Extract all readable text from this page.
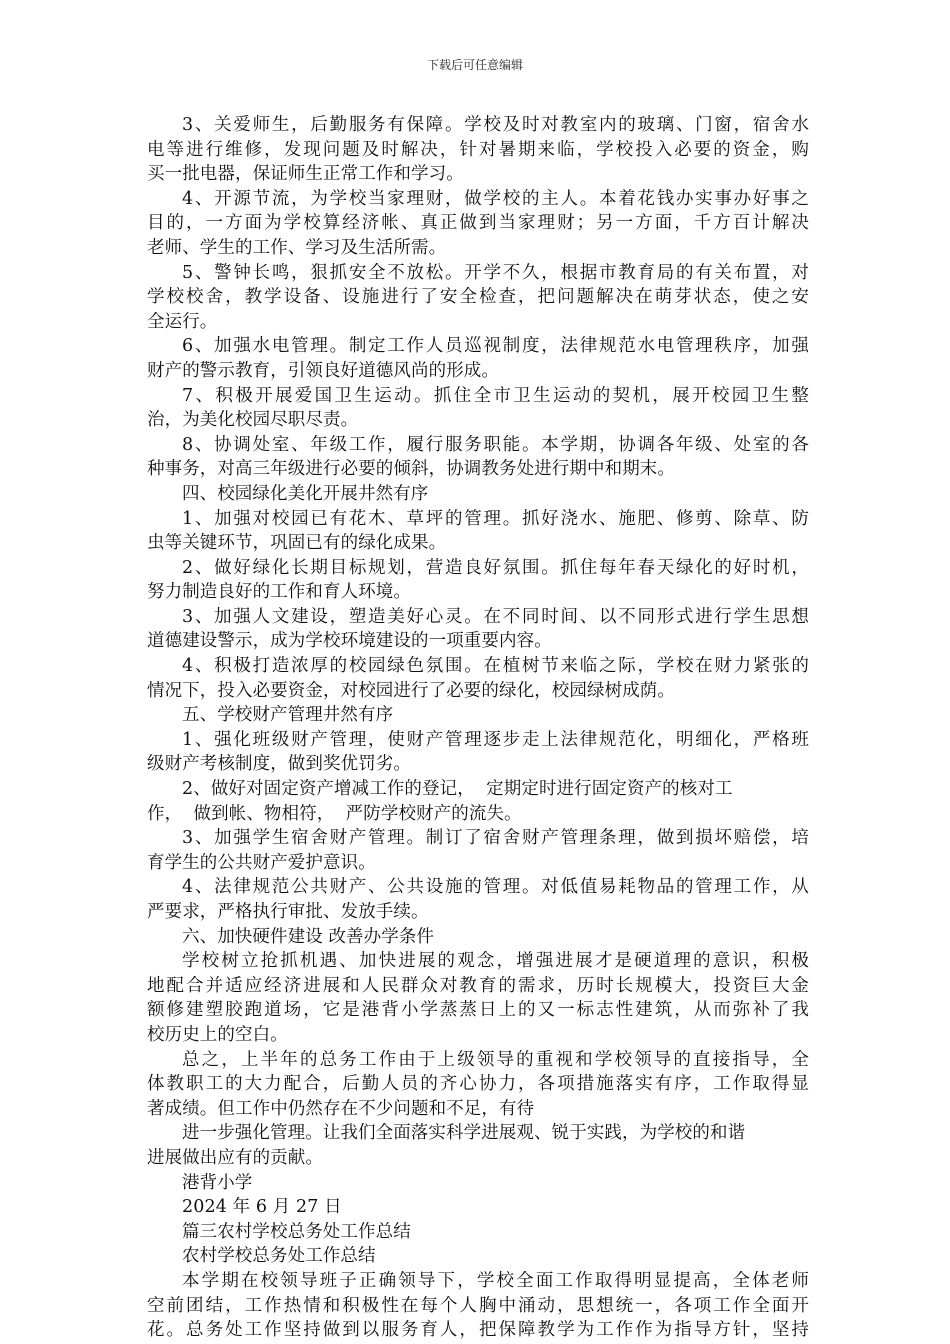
下载后可任意编辑
3、关爱师生，后勤服务有保障。学校及时对教室内的玻璃、门窗，宿舍水
电等进行维修，发现问题及时解决，针对暑期来临，学校投入必要的资金，购
买一批电器，保证师生正常工作和学习。
4、开源节流，为学校当家理财，做学校的主人。本着花钱办实事办好事之
目的，一方面为学校算经济帐、真正做到当家理财；另一方面，千方百计解决
老师、学生的工作、学习及生活所需。
5、警钟长鸣，狠抓安全不放松。开学不久，根据市教育局的有关布置，对
学校校舍，教学设备、设施进行了安全检查，把问题解决在萌芽状态，使之安
全运行。
6、加强水电管理。制定工作人员巡视制度，法律规范水电管理秩序，加强
财产的警示教育，引领良好道德风尚的形成。
7、积极开展爱国卫生运动。抓住全市卫生运动的契机，展开校园卫生整
治，为美化校园尽职尽责。
8、协调处室、年级工作，履行服务职能。本学期，协调各年级、处室的各
种事务，对高三年级进行必要的倾斜，协调教务处进行期中和期末。
四、校园绿化美化开展井然有序
1、加强对校园已有花木、草坪的管理。抓好浇水、施肥、修剪、除草、防
虫等关键环节，巩固已有的绿化成果。
2、做好绿化长期目标规划，营造良好氛围。抓住每年春天绿化的好时机，
努力制造良好的工作和育人环境。
3、加强人文建设，塑造美好心灵。在不同时间、以不同形式进行学生思想
道德建设警示，成为学校环境建设的一项重要内容。
4、积极打造浓厚的校园绿色氛围。在植树节来临之际，学校在财力紧张的
情况下，投入必要资金，对校园进行了必要的绿化，校园绿树成荫。
五、学校财产管理井然有序
1、强化班级财产管理，使财产管理逐步走上法律规范化，明细化，严格班
级财产考核制度，做到奖优罚劣。
2、做好对固定资产增减工作的登记，  定期定时进行固定资产的核对工
作，  做到帐、物相符，  严防学校财产的流失。
3、加强学生宿舍财产管理。制订了宿舍财产管理条理，做到损坏赔偿，培
育学生的公共财产爱护意识。
4、法律规范公共财产、公共设施的管理。对低值易耗物品的管理工作，从
严要求，严格执行审批、发放手续。
六、加快硬件建设 改善办学条件
学校树立抢抓机遇、加快进展的观念，增强进展才是硬道理的意识，积极
地配合并适应经济进展和人民群众对教育的需求，历时长规模大，投资巨大金
额修建塑胶跑道场，它是港背小学蒸蒸日上的又一标志性建筑，从而弥补了我
校历史上的空白。
总之，上半年的总务工作由于上级领导的重视和学校领导的直接指导，全
体教职工的大力配合，后勤人员的齐心协力，各项措施落实有序，工作取得显
著成绩。但工作中仍然存在不少问题和不足，有待
进一步强化管理。让我们全面落实科学进展观、锐于实践，为学校的和谐
进展做出应有的贡献。
港背小学
2024 年 6 月 27 日
篇三农村学校总务处工作总结
农村学校总务处工作总结
本学期在校领导班子正确领导下，学校全面工作取得明显提高，全体老师
空前团结，工作热情和积极性在每个人胸中涌动，思想统一，各项工作全面开
花。总务处工作坚持做到以服务育人，把保障教学为工作作为指导方针，坚持
